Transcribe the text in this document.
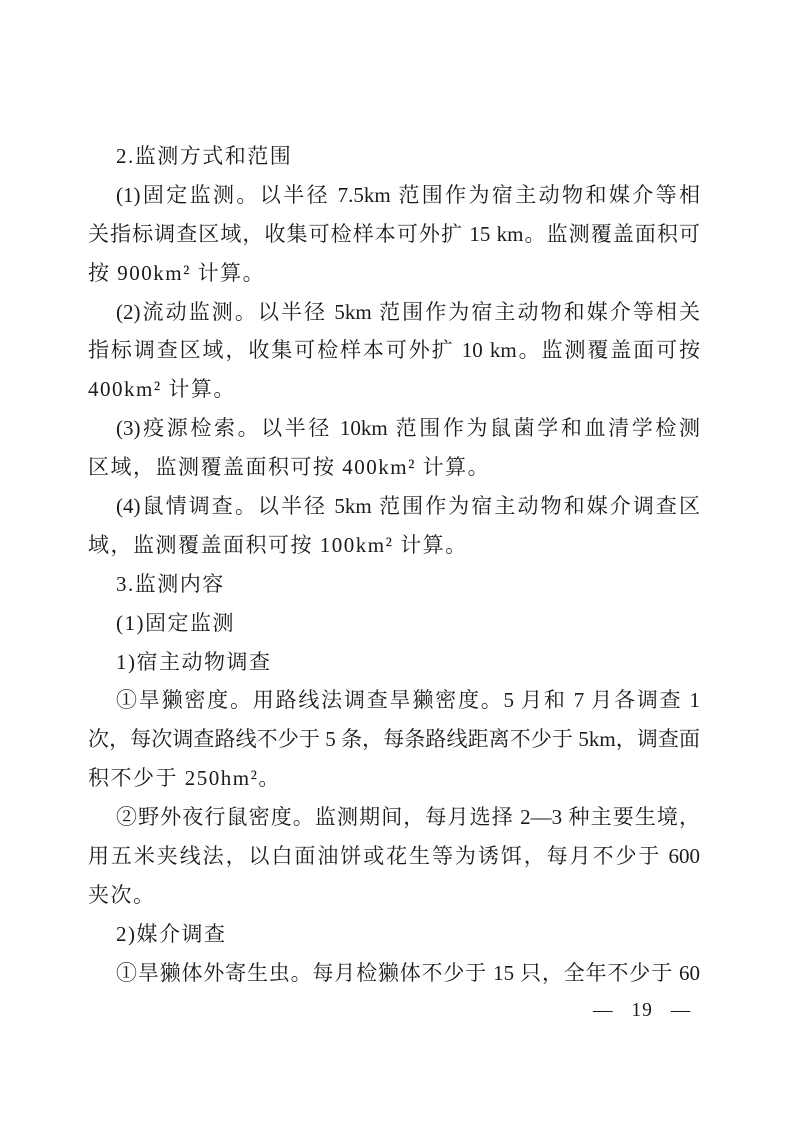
2.监测方式和范围
(1)固定监测。以半径 7.5km 范围作为宿主动物和媒介等相
关指标调查区域，收集可检样本可外扩 15 km。监测覆盖面积可
按 900km² 计算。
(2)流动监测。以半径 5km 范围作为宿主动物和媒介等相关
指标调查区域，收集可检样本可外扩 10 km。监测覆盖面可按
400km² 计算。
(3)疫源检索。以半径 10km 范围作为鼠菌学和血清学检测
区域，监测覆盖面积可按 400km² 计算。
(4)鼠情调查。以半径 5km 范围作为宿主动物和媒介调查区
域，监测覆盖面积可按 100km² 计算。
3.监测内容
(1)固定监测
1)宿主动物调查
①旱獭密度。用路线法调查旱獭密度。5 月和 7 月各调查 1
次，每次调查路线不少于 5 条，每条路线距离不少于 5km，调查面
积不少于 250hm²。
②野外夜行鼠密度。监测期间，每月选择 2—3 种主要生境，
用五米夹线法，以白面油饼或花生等为诱饵，每月不少于 600
夹次。
2)媒介调查
①旱獭体外寄生虫。每月检獭体不少于 15 只，全年不少于 60
— 19 —
